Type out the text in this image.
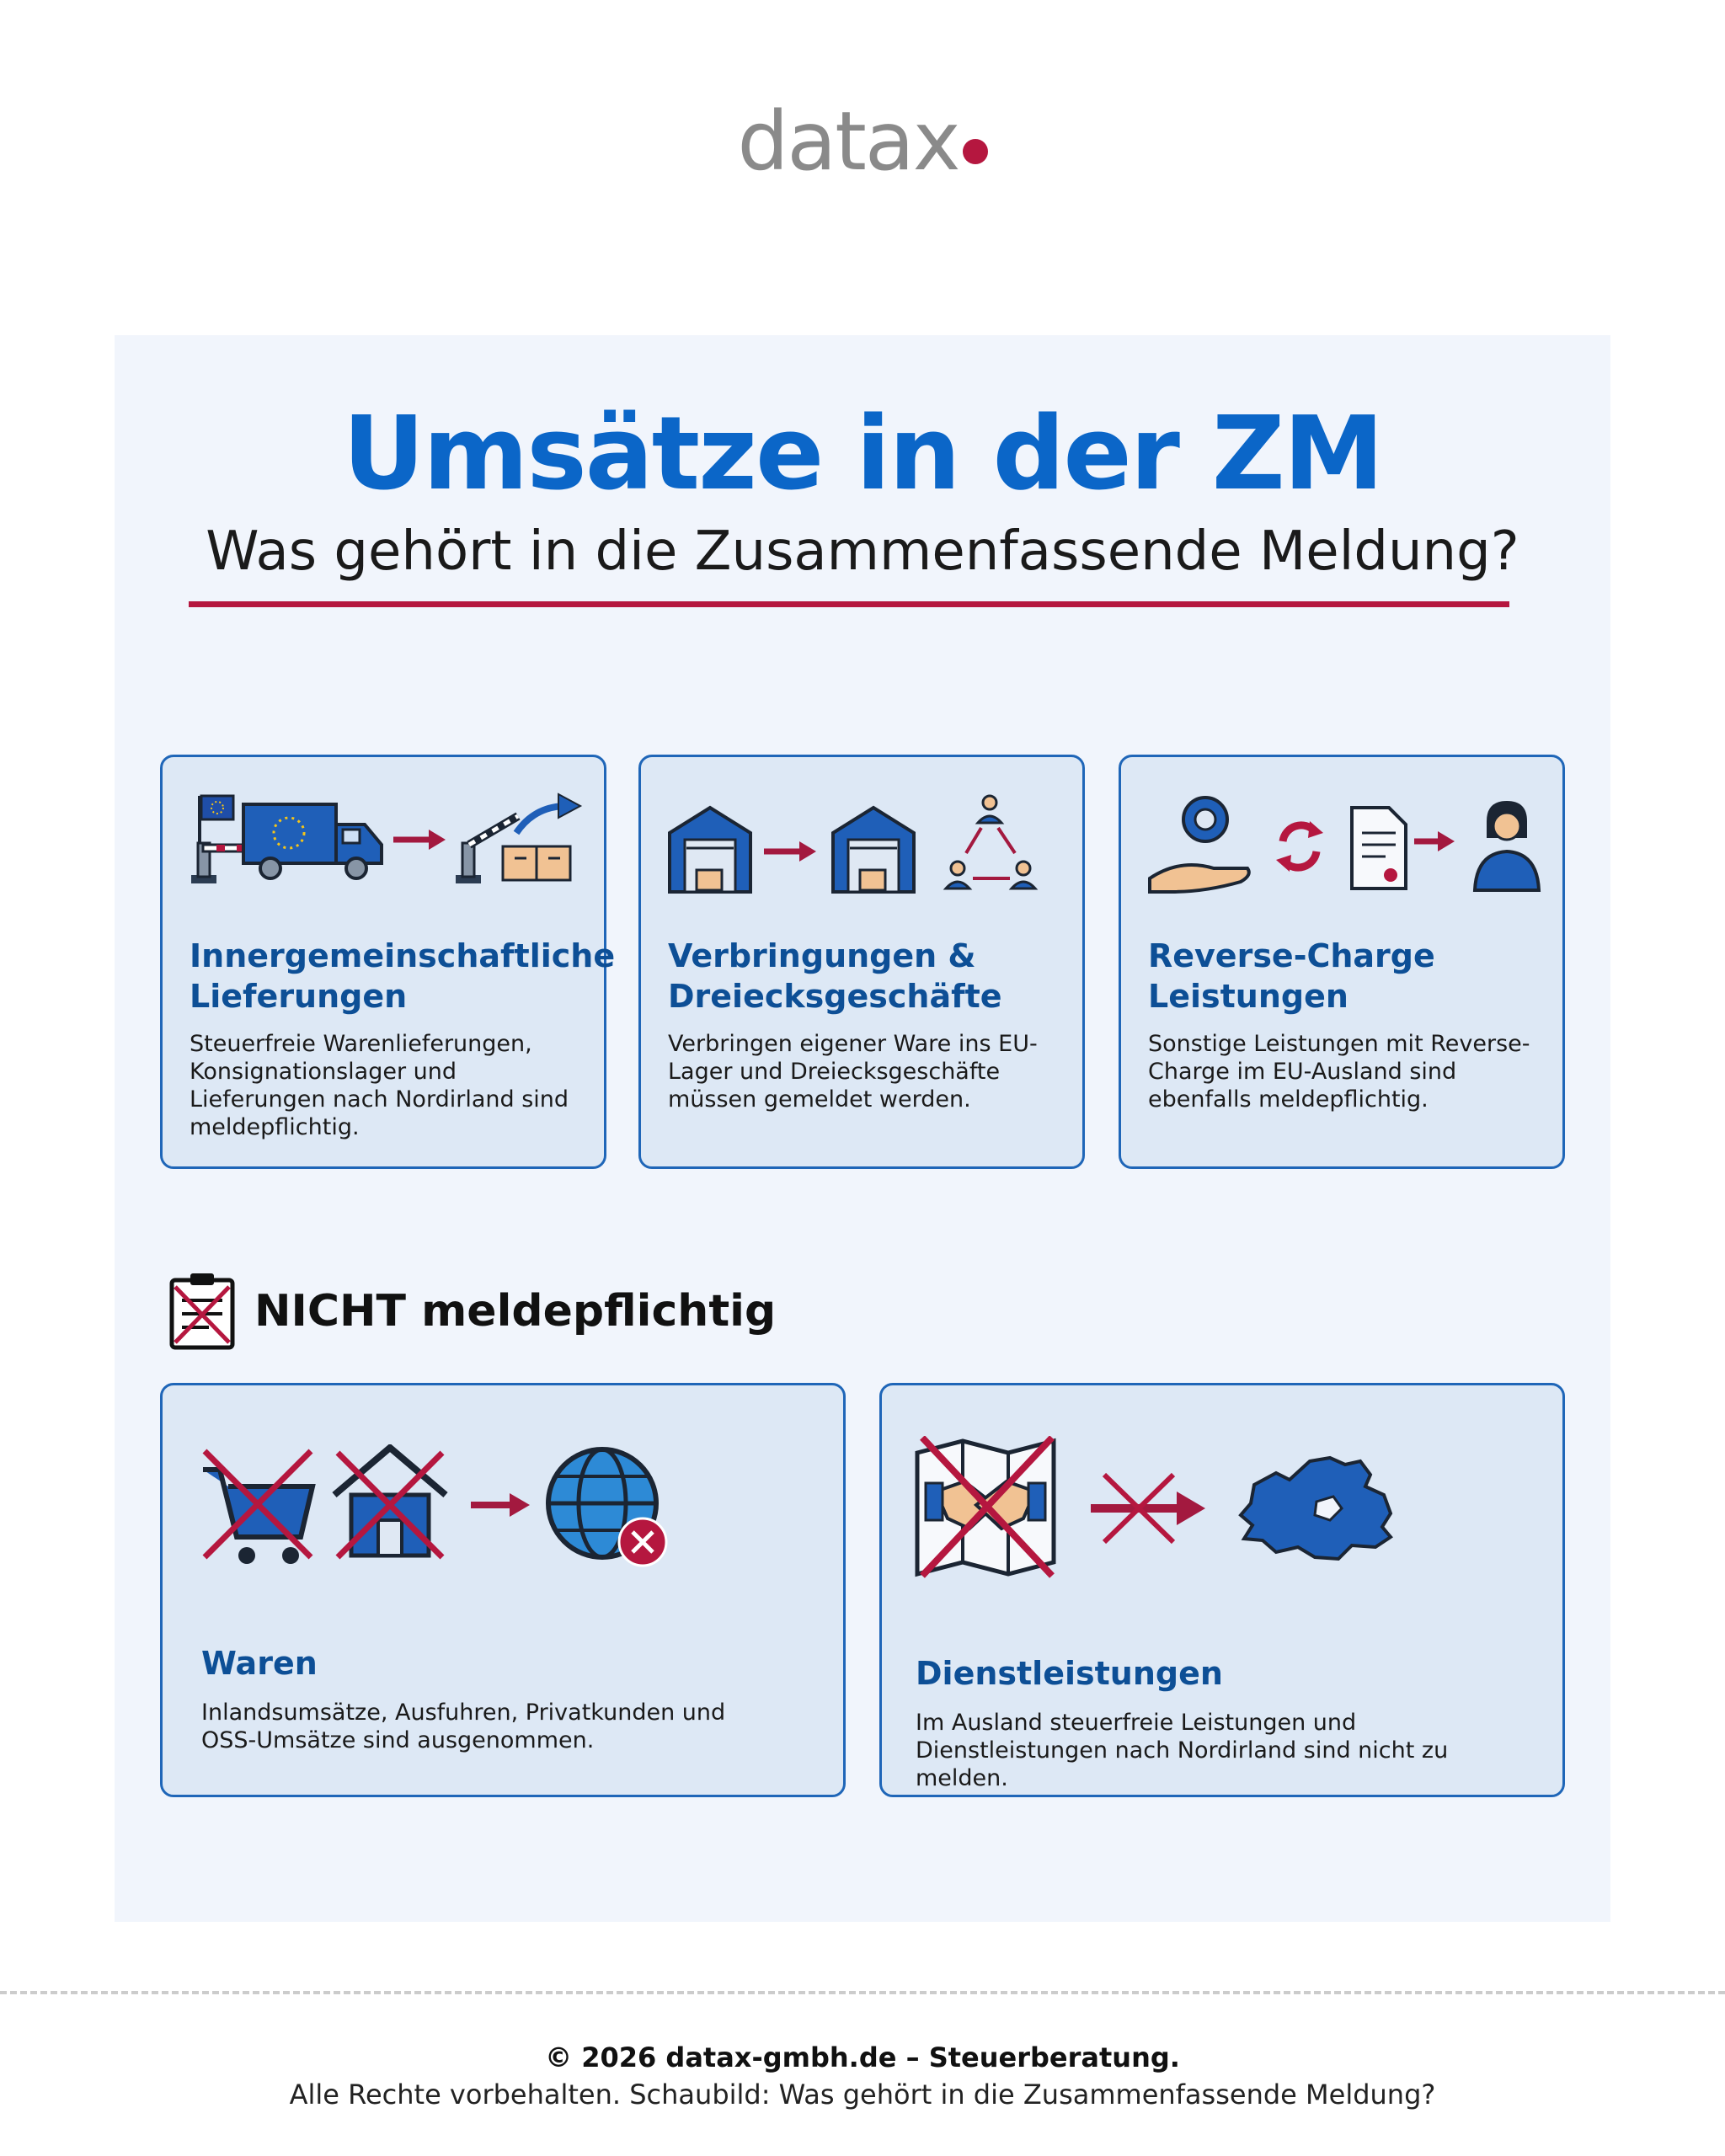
datax
Umsätze in der ZM
Was gehört in die Zusammenfassende Meldung?
Innergemeinschaftliche Lieferungen
Steuerfreie Warenlieferungen, Konsignationslager und Lieferungen nach Nordirland sind meldepflichtig.
Verbringungen & Dreiecksgeschäfte
Verbringen eigener Ware ins EU-Lager und Dreiecksgeschäfte müssen gemeldet werden.
Reverse-Charge Leistungen
Sonstige Leistungen mit Reverse-Charge im EU-Ausland sind ebenfalls meldepflichtig.
NICHT meldepflichtig
Waren
Inlandsumsätze, Ausfuhren, Privatkunden und OSS-Umsätze sind ausgenommen.
Dienstleistungen
Im Ausland steuerfreie Leistungen und Dienstleistungen nach Nordirland sind nicht zu melden.
© 2026 datax-gmbh.de – Steuerberatung.
Alle Rechte vorbehalten. Schaubild: Was gehört in die Zusammenfassende Meldung?
